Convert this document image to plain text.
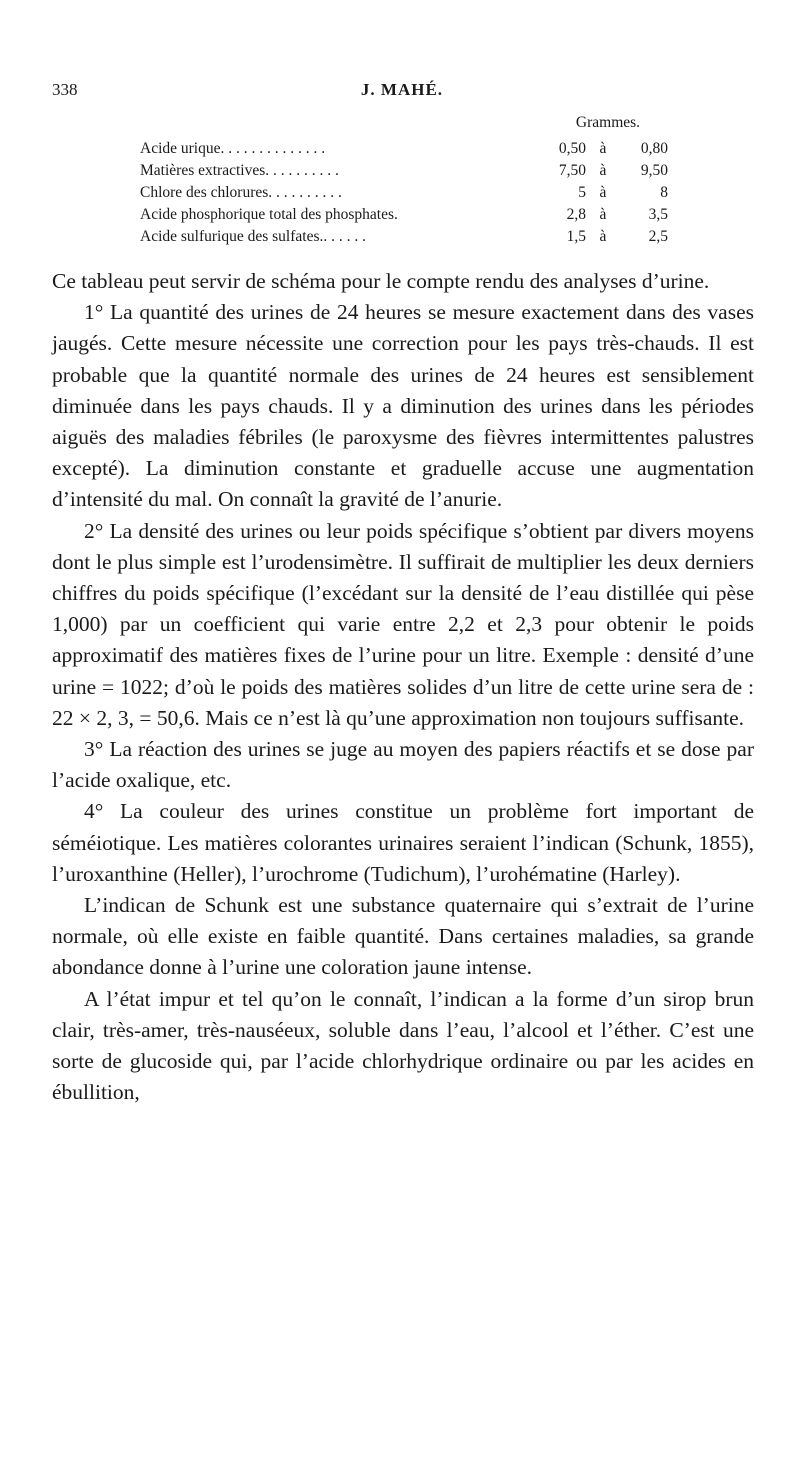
338	J. MAHÉ.
Grammes.
Acide urique. . . . . . . . . . . . . .	0,50 à	0,80
Matières extractives. . . . . . . . . .	7,50 à	9,50
Chlore des chlorures. . . . . . . . . .	5 à	8
Acide phosphorique total des phosphates.	2,8 à	3,5
Acide sulfurique des sulfates.. . . . . .	1,5 à	2,5

Ce tableau peut servir de schéma pour le compte rendu des analyses d’urine.

1° La quantité des urines de 24 heures se mesure exactement dans des vases jaugés. Cette mesure nécessite une correction pour les pays très-chauds. Il est probable que la quantité normale des urines de 24 heures est sensiblement diminuée dans les pays chauds. Il y a diminution des urines dans les périodes aiguës des maladies fébriles (le paroxysme des fièvres intermittentes palustres excepté). La diminution constante et graduelle accuse une augmentation d’intensité du mal. On connaît la gravité de l’anurie.

2° La densité des urines ou leur poids spécifique s’obtient par divers moyens dont le plus simple est l’urodensimètre. Il suffirait de multiplier les deux derniers chiffres du poids spécifique (l’excédant sur la densité de l’eau distillée qui pèse 1,000) par un coefficient qui varie entre 2,2 et 2,3 pour obtenir le poids approximatif des matières fixes de l’urine pour un litre. Exemple : densité d’une urine = 1022; d’où le poids des matières solides d’un litre de cette urine sera de : 22 × 2, 3, = 50,6. Mais ce n’est là qu’une approximation non toujours suffisante.

3° La réaction des urines se juge au moyen des papiers réactifs et se dose par l’acide oxalique, etc.

4° La couleur des urines constitue un problème fort important de séméiotique. Les matières colorantes urinaires seraient l’indican (Schunk, 1855), l’uroxanthine (Heller), l’urochrome (Tudichum), l’urohématine (Harley).

L’indican de Schunk est une substance quaternaire qui s’extrait de l’urine normale, où elle existe en faible quantité. Dans certaines maladies, sa grande abondance donne à l’urine une coloration jaune intense.

A l’état impur et tel qu’on le connaît, l’indican a la forme d’un sirop brun clair, très-amer, très-nauséeux, soluble dans l’eau, l’alcool et l’éther. C’est une sorte de glucoside qui, par l’acide chlorhydrique ordinaire ou par les acides en ébullition,
